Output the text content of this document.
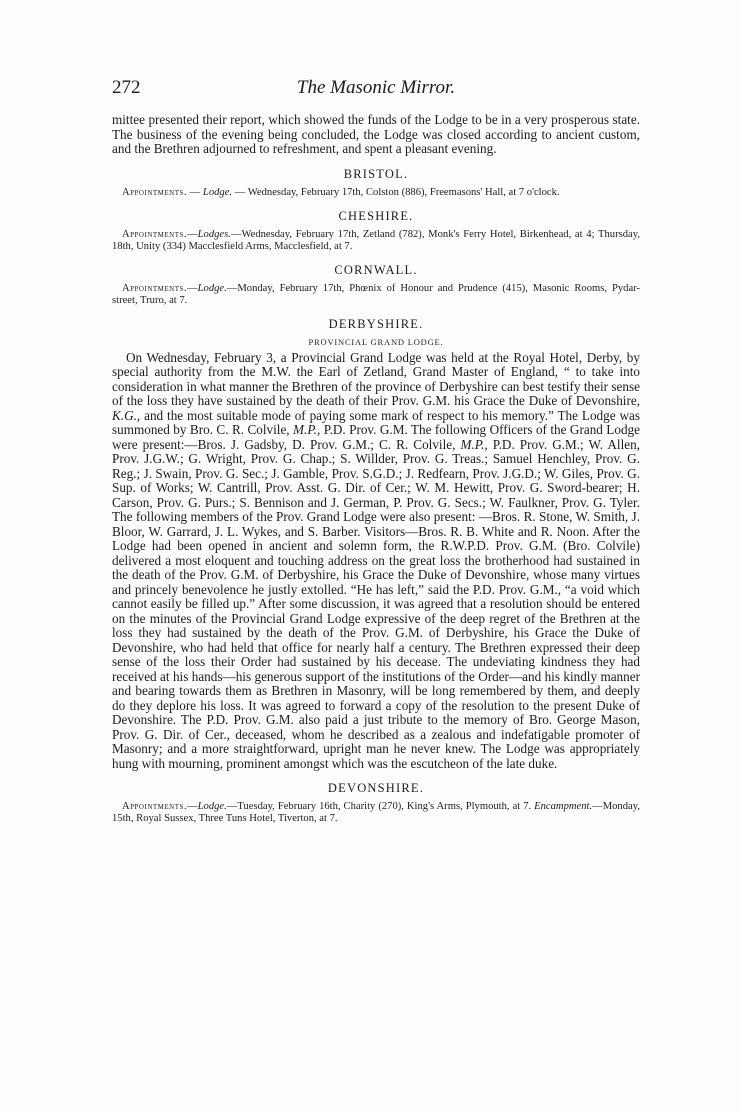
272	The Masonic Mirror.

mittee presented their report, which showed the funds of the Lodge to be in a very prosperous state. The business of the evening being concluded, the Lodge was closed according to ancient custom, and the Brethren adjourned to refreshment, and spent a pleasant evening.

BRISTOL.

Appointments. — Lodge. — Wednesday, February 17th, Colston (886), Freemasons' Hall, at 7 o'clock.

CHESHIRE.

Appointments.—Lodges.—Wednesday, February 17th, Zetland (782), Monk's Ferry Hotel, Birkenhead, at 4; Thursday, 18th, Unity (334) Macclesfield Arms, Macclesfield, at 7.

CORNWALL.

Appointments.—Lodge.—Monday, February 17th, Phœnix of Honour and Prudence (415), Masonic Rooms, Pydar-street, Truro, at 7.

DERBYSHIRE.
PROVINCIAL GRAND LODGE.

On Wednesday, February 3, a Provincial Grand Lodge was held at the Royal Hotel, Derby, by special authority from the M.W. the Earl of Zetland, Grand Master of England, “ to take into consideration in what manner the Brethren of the province of Derbyshire can best testify their sense of the loss they have sustained by the death of their Prov. G.M. his Grace the Duke of Devonshire, K.G., and the most suitable mode of paying some mark of respect to his memory.” The Lodge was summoned by Bro. C. R. Colvile, M.P., P.D. Prov. G.M. The following Officers of the Grand Lodge were present:—Bros. J. Gadsby, D. Prov. G.M.; C. R. Colvile, M.P., P.D. Prov. G.M.; W. Allen, Prov. J.G.W.; G. Wright, Prov. G. Chap.; S. Willder, Prov. G. Treas.; Samuel Henchley, Prov. G. Reg.; J. Swain, Prov. G. Sec.; J. Gamble, Prov. S.G.D.; J. Redfearn, Prov. J.G.D.; W. Giles, Prov. G. Sup. of Works; W. Cantrill, Prov. Asst. G. Dir. of Cer.; W. M. Hewitt, Prov. G. Sword-bearer; H. Carson, Prov. G. Purs.; S. Bennison and J. German, P. Prov. G. Secs.; W. Faulkner, Prov. G. Tyler. The following members of the Prov. Grand Lodge were also present: —Bros. R. Stone, W. Smith, J. Bloor, W. Garrard, J. L. Wykes, and S. Barber. Visitors—Bros. R. B. White and R. Noon. After the Lodge had been opened in ancient and solemn form, the R.W.P.D. Prov. G.M. (Bro. Colvile) delivered a most eloquent and touching address on the great loss the brotherhood had sustained in the death of the Prov. G.M. of Derbyshire, his Grace the Duke of Devonshire, whose many virtues and princely benevolence he justly extolled. “He has left,” said the P.D. Prov. G.M., “a void which cannot easily be filled up.” After some discussion, it was agreed that a resolution should be entered on the minutes of the Provincial Grand Lodge expressive of the deep regret of the Brethren at the loss they had sustained by the death of the Prov. G.M. of Derbyshire, his Grace the Duke of Devonshire, who had held that office for nearly half a century. The Brethren expressed their deep sense of the loss their Order had sustained by his decease. The undeviating kindness they had received at his hands—his generous support of the institutions of the Order—and his kindly manner and bearing towards them as Brethren in Masonry, will be long remembered by them, and deeply do they deplore his loss. It was agreed to forward a copy of the resolution to the present Duke of Devonshire. The P.D. Prov. G.M. also paid a just tribute to the memory of Bro. George Mason, Prov. G. Dir. of Cer., deceased, whom he described as a zealous and indefatigable promoter of Masonry; and a more straightforward, upright man he never knew. The Lodge was appropriately hung with mourning, prominent amongst which was the escutcheon of the late duke.

DEVONSHIRE.

Appointments.—Lodge.—Tuesday, February 16th, Charity (270), King's Arms, Plymouth, at 7. Encampment.—Monday, 15th, Royal Sussex, Three Tuns Hotel, Tiverton, at 7.
